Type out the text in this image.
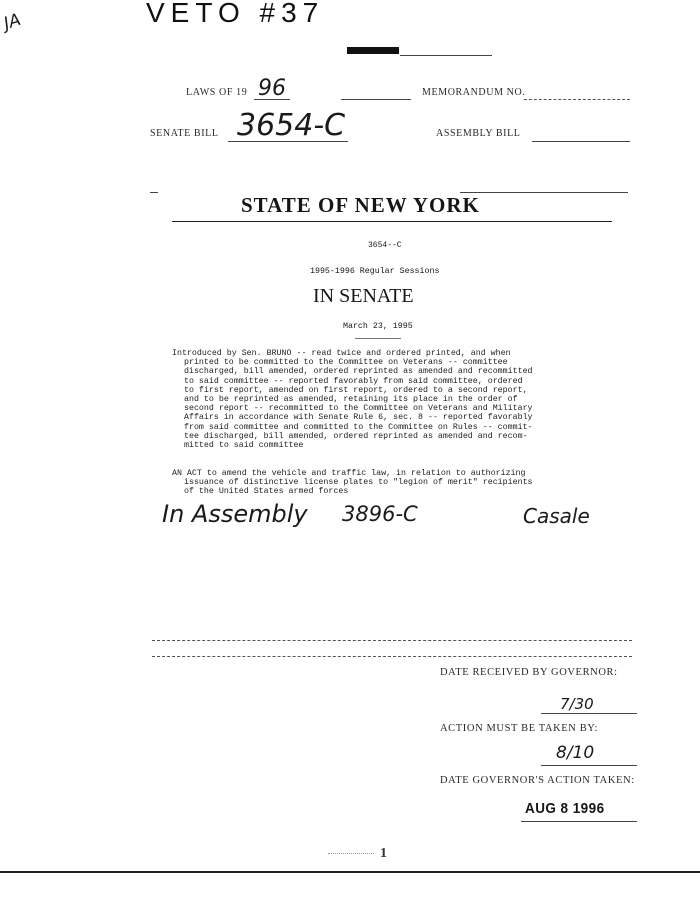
JA	VETO #37
LAWS OF 19 96	MEMORANDUM NO.
SENATE BILL 3654-C	ASSEMBLY BILL
STATE OF NEW YORK
3654--C
1995-1996 Regular Sessions
IN SENATE
March 23, 1995
Introduced by Sen. BRUNO -- read twice and ordered printed, and when
printed to be committed to the Committee on Veterans -- committee
discharged, bill amended, ordered reprinted as amended and recommitted
to said committee -- reported favorably from said committee, ordered
to first report, amended on first report, ordered to a second report,
and to be reprinted as amended, retaining its place in the order of
second report -- recommitted to the Committee on Veterans and Military
Affairs in accordance with Senate Rule 6, sec. 8 -- reported favorably
from said committee and committed to the Committee on Rules -- commit-
tee discharged, bill amended, ordered reprinted as amended and recom-
mitted to said committee
AN ACT to amend the vehicle and traffic law, in relation to authorizing
issuance of distinctive license plates to "legion of merit" recipients
of the United States armed forces
In Assembly 3896-C	Casale
DATE RECEIVED BY GOVERNOR:
7/30
ACTION MUST BE TAKEN BY:
8/10
DATE GOVERNOR'S ACTION TAKEN:
AUG 8 1996
1
